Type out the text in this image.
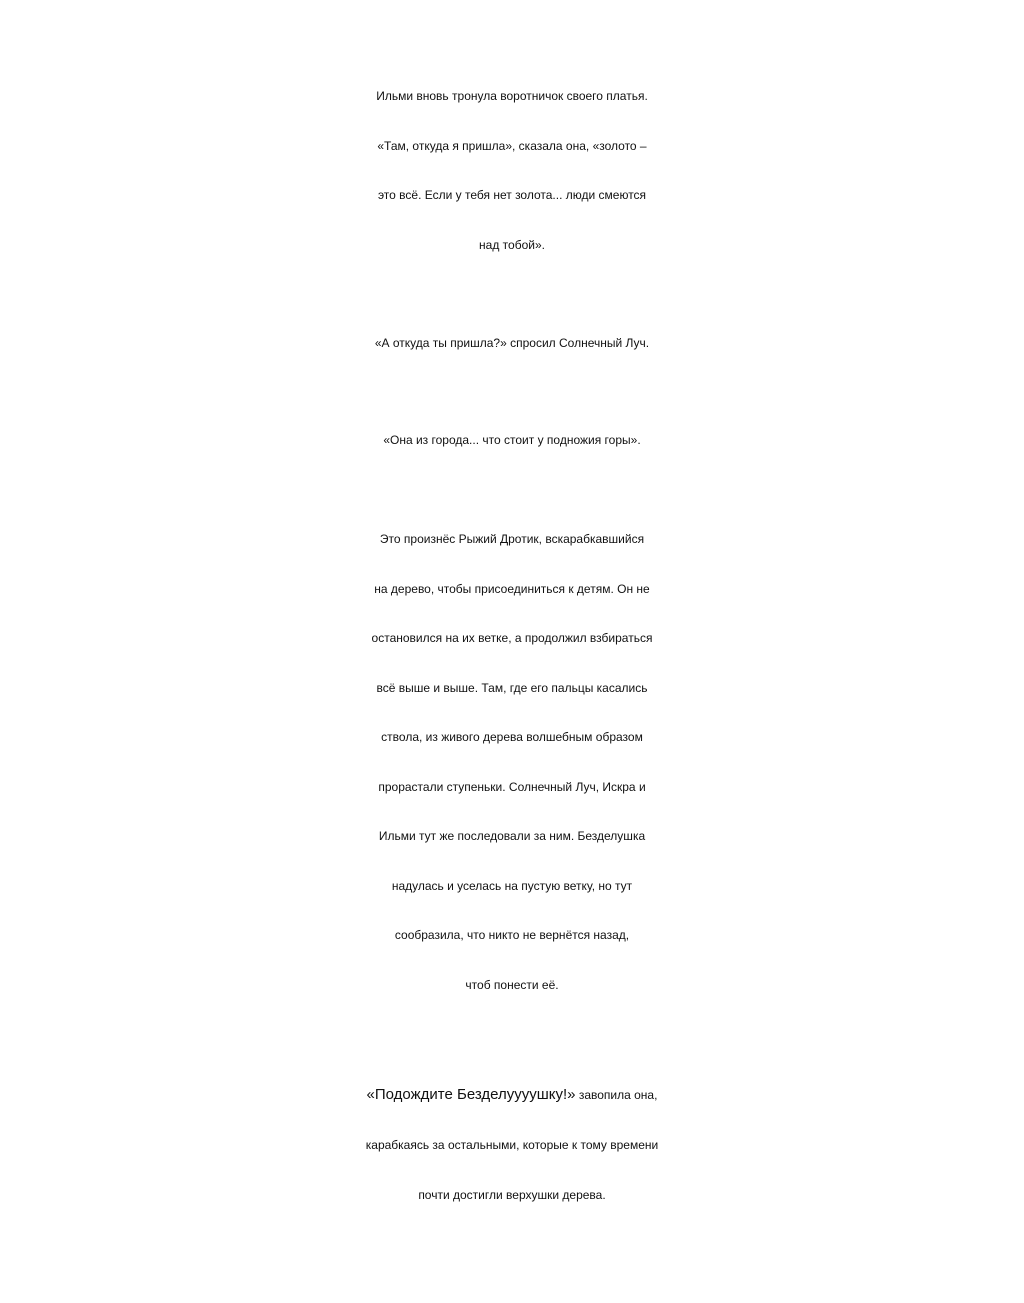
Ильми вновь тронула воротничок своего платья.
«Там, откуда я пришла», сказала она, «золото –
это всё. Если у тебя нет золота... люди смеются
над тобой».

«А откуда ты пришла?» спросил Солнечный Луч.

«Она из города... что стоит у подножия горы».

Это произнёс Рыжий Дротик, вскарабкавшийся
на дерево, чтобы присоединиться к детям. Он не
остановился на их ветке, а продолжил взбираться
всё выше и выше. Там, где его пальцы касались
ствола, из живого дерева волшебным образом
прорастали ступеньки. Солнечный Луч, Искра и
Ильми тут же последовали за ним. Безделушка
надулась и уселась на пустую ветку, но тут
сообразила, что никто не вернётся назад,
чтоб понести её.

«Подождите Безделуууушку!» завопила она,
карабкаясь за остальными, которые к тому времени
почти достигли верхушки дерева.
